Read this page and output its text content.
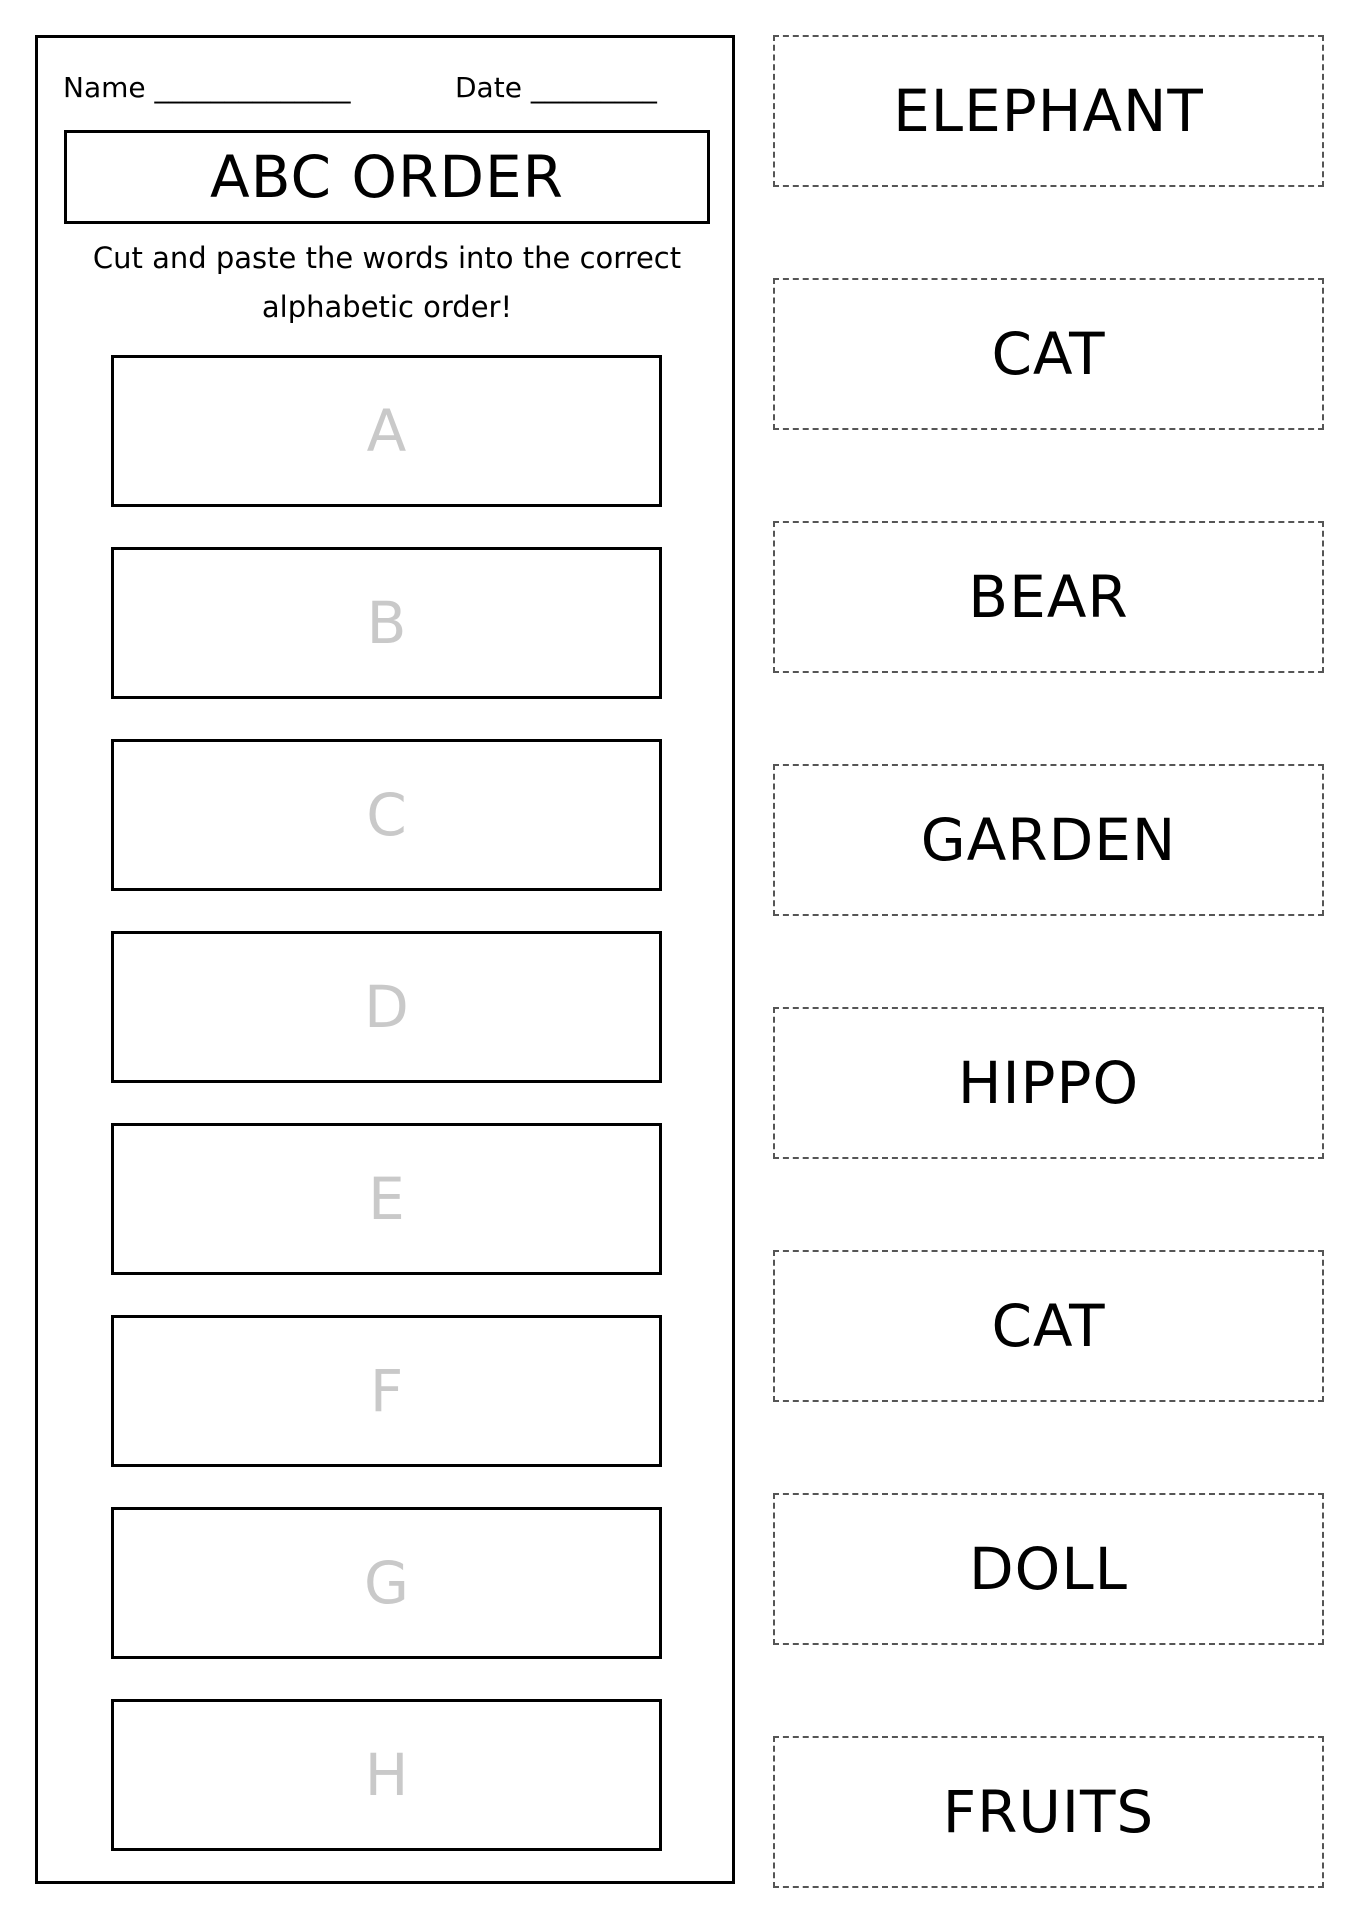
Name ______________	Date _________
ABC ORDER
Cut and paste the words into the correct
alphabetic order!
A
B
C
D
E
F
G
H
ELEPHANT
CAT
BEAR
GARDEN
HIPPO
CAT
DOLL
FRUITS
